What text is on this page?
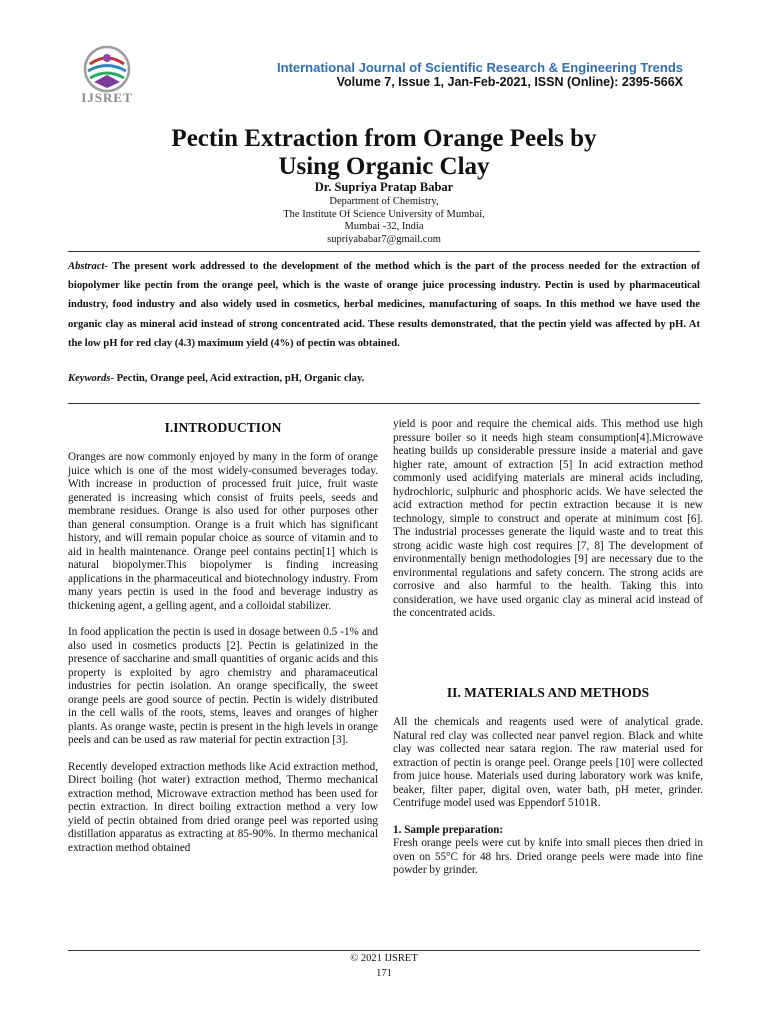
IJSRET
International Journal of Scientific Research & Engineering Trends
Volume 7, Issue 1, Jan-Feb-2021, ISSN (Online): 2395-566X
Pectin Extraction from Orange Peels by
Using Organic Clay
Dr. Supriya Pratap Babar
Department of Chemistry,
The Institute Of Science University of Mumbai,
Mumbai -32, India
supriyababar7@gmail.com
Abstract- The present work addressed to the development of the method which is the part of the process needed for the extraction of biopolymer like pectin from the orange peel, which is the waste of orange juice processing industry. Pectin is used by pharmaceutical industry, food industry and also widely used in cosmetics, herbal medicines, manufacturing of soaps. In this method we have used the organic clay as mineral acid instead of strong concentrated acid. These results demonstrated, that the pectin yield was affected by pH. At the low pH for red clay (4.3) maximum yield (4%) of pectin was obtained.
Keywords- Pectin, Orange peel, Acid extraction, pH, Organic clay.
I.INTRODUCTION

Oranges are now commonly enjoyed by many in the form of orange juice which is one of the most widely-consumed beverages today. With increase in production of processed fruit juice, fruit waste generated is increasing which consist of fruits peels, seeds and membrane residues. Orange is also used for other purposes other than general consumption. Orange is a fruit which has significant history, and will remain popular choice as source of vitamin and to aid in health maintenance. Orange peel contains pectin[1] which is natural biopolymer.This biopolymer is finding increasing applications in the pharmaceutical and biotechnology industry. From many years pectin is used in the food and beverage industry as thickening agent, a gelling agent, and a colloidal stabilizer.

In food application the pectin is used in dosage between 0.5 -1% and also used in cosmetics products [2]. Pectin is gelatinized in the presence of saccharine and small quantities of organic acids and this property is exploited by agro chemistry and pharamaceutical industries for pectin isolation. An orange specifically, the sweet orange peels are good source of pectin. Pectin is widely distributed in the cell walls of the roots, stems, leaves and oranges of higher plants. As orange waste, pectin is present in the high levels in orange peels and can be used as raw material for pectin extraction [3].

Recently developed extraction methods like Acid extraction method, Direct boiling (hot water) extraction method, Thermo mechanical extraction method, Microwave extraction method has been used for pectin extraction. In direct boiling extraction method a very low yield of pectin obtained from dried orange peel was reported using distillation apparatus as extracting at 85-90%. In thermo mechanical extraction method obtained

yield is poor and require the chemical aids. This method use high pressure boiler so it needs high steam consumption[4].Microwave heating builds up considerable pressure inside a material and gave higher rate, amount of extraction [5] In acid extraction method commonly used acidifying materials are mineral acids including, hydrochloric, sulphuric and phosphoric acids. We have selected the acid extraction method for pectin extraction because it is new technology, simple to construct and operate at minimum cost [6]. The industrial processes generate the liquid waste and to treat this strong acidic waste high cost requires [7, 8] The development of environmentally benign methodologies [9] are necessary due to the environmental regulations and safety concern. The strong acids are corrosive and also harmful to the health. Taking this into consideration, we have used organic clay as mineral acid instead of the concentrated acids.

II. MATERIALS AND METHODS

All the chemicals and reagents used were of analytical grade. Natural red clay was collected near panvel region. Black and white clay was collected near satara region. The raw material used for extraction of pectin is orange peel. Orange peels [10] were collected from juice house. Materials used during laboratory work was knife, beaker, filter paper, digital oven, water bath, pH meter, grinder. Centrifuge model used was Eppendorf 5101R.

1. Sample preparation:

Fresh orange peels were cut by knife into small pieces then dried in oven on 55°C for 48 hrs. Dried orange peels were made into fine powder by grinder.

© 2021 IJSRET
171
